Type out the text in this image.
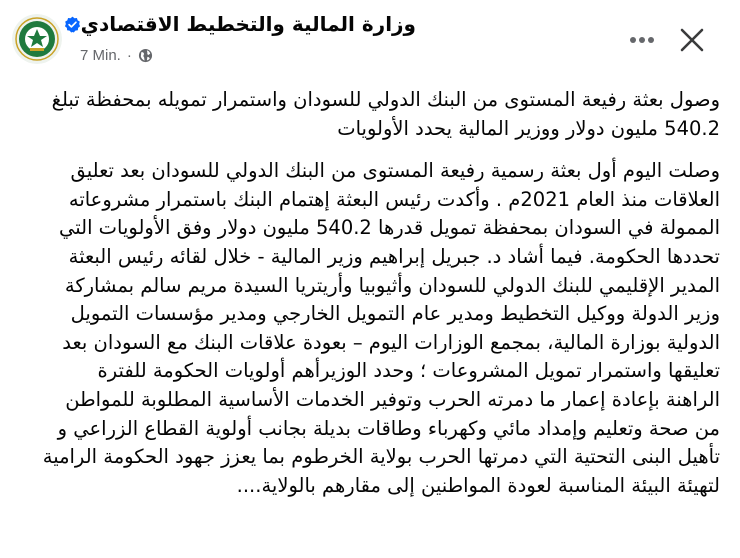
وزارة المالية والتخطيط الاقتصادي
7 Min. ·

وصول بعثة رفيعة المستوى من البنك الدولي للسودان واستمرار تمويله بمحفظة تبلغ 540.2 مليون دولار ووزير المالية يحدد الأولويات

وصلت اليوم أول بعثة رسمية رفيعة المستوى من البنك الدولي للسودان بعد تعليق العلاقات منذ العام 2021م . وأكدت رئيس البعثة إهتمام البنك باستمرار مشروعاته الممولة في السودان بمحفظة تمويل قدرها 540.2 مليون دولار وفق الأولويات التي تحددها الحكومة. فيما أشاد د. جبريل إبراهيم وزير المالية - خلال لقائه رئيس البعثة المدير الإقليمي للبنك الدولي للسودان وأثيوبيا وأريتريا السيدة مريم سالم بمشاركة وزير الدولة ووكيل التخطيط ومدير عام التمويل الخارجي ومدير مؤسسات التمويل الدولية بوزارة المالية، بمجمع الوزارات اليوم – بعودة علاقات البنك مع السودان بعد تعليقها واستمرار تمويل المشروعات ؛ وحدد الوزيرأهم أولويات الحكومة للفترة الراهنة بإعادة إعمار ما دمرته الحرب وتوفير الخدمات الأساسية المطلوبة للمواطن من صحة وتعليم وإمداد مائي وكهرباء وطاقات بديلة بجانب أولوية القطاع الزراعي و تأهيل البنى التحتية التي دمرتها الحرب بولاية الخرطوم بما يعزز جهود الحكومة الرامية لتهيئة البيئة المناسبة لعودة المواطنين إلى مقارهم بالولاية....
